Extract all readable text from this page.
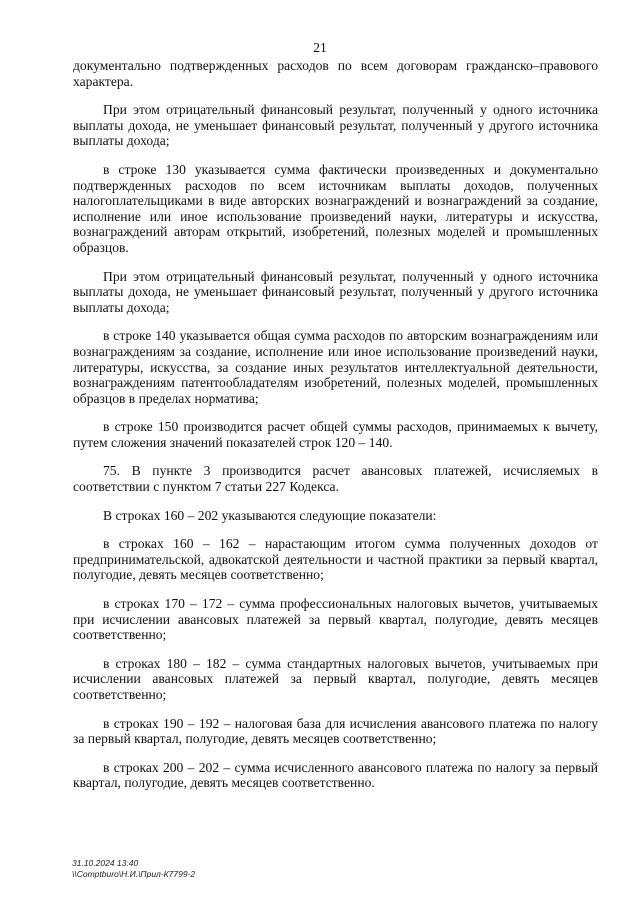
21

документально подтвержденных расходов по всем договорам гражданско–правового характера.

При этом отрицательный финансовый результат, полученный у одного источника выплаты дохода, не уменьшает финансовый результат, полученный у другого источника выплаты дохода;

в строке 130 указывается сумма фактически произведенных и документально подтвержденных расходов по всем источникам выплаты доходов, полученных налогоплательщиками в виде авторских вознаграждений и вознаграждений за создание, исполнение или иное использование произведений науки, литературы и искусства, вознаграждений авторам открытий, изобретений, полезных моделей и промышленных образцов.

При этом отрицательный финансовый результат, полученный у одного источника выплаты дохода, не уменьшает финансовый результат, полученный у другого источника выплаты дохода;

в строке 140 указывается общая сумма расходов по авторским вознаграждениям или вознаграждениям за создание, исполнение или иное использование произведений науки, литературы, искусства, за создание иных результатов интеллектуальной деятельности, вознаграждениям патентообладателям изобретений, полезных моделей, промышленных образцов в пределах норматива;

в строке 150 производится расчет общей суммы расходов, принимаемых к вычету, путем сложения значений показателей строк 120 – 140.

75. В пункте 3 производится расчет авансовых платежей, исчисляемых в соответствии с пунктом 7 статьи 227 Кодекса.

В строках 160 – 202 указываются следующие показатели:

в строках 160 – 162 – нарастающим итогом сумма полученных доходов от предпринимательской, адвокатской деятельности и частной практики за первый квартал, полугодие, девять месяцев соответственно;

в строках 170 – 172 – сумма профессиональных налоговых вычетов, учитываемых при исчислении авансовых платежей за первый квартал, полугодие, девять месяцев соответственно;

в строках 180 – 182 – сумма стандартных налоговых вычетов, учитываемых при исчислении авансовых платежей за первый квартал, полугодие, девять месяцев соответственно;

в строках 190 – 192 – налоговая база для исчисления авансового платежа по налогу за первый квартал, полугодие, девять месяцев соответственно;

в строках 200 – 202 – сумма исчисленного авансового платежа по налогу за первый квартал, полугодие, девять месяцев соответственно.

31.10.2024 13:40
\\Comptburo\Н.И.\Прил-К7799-2
